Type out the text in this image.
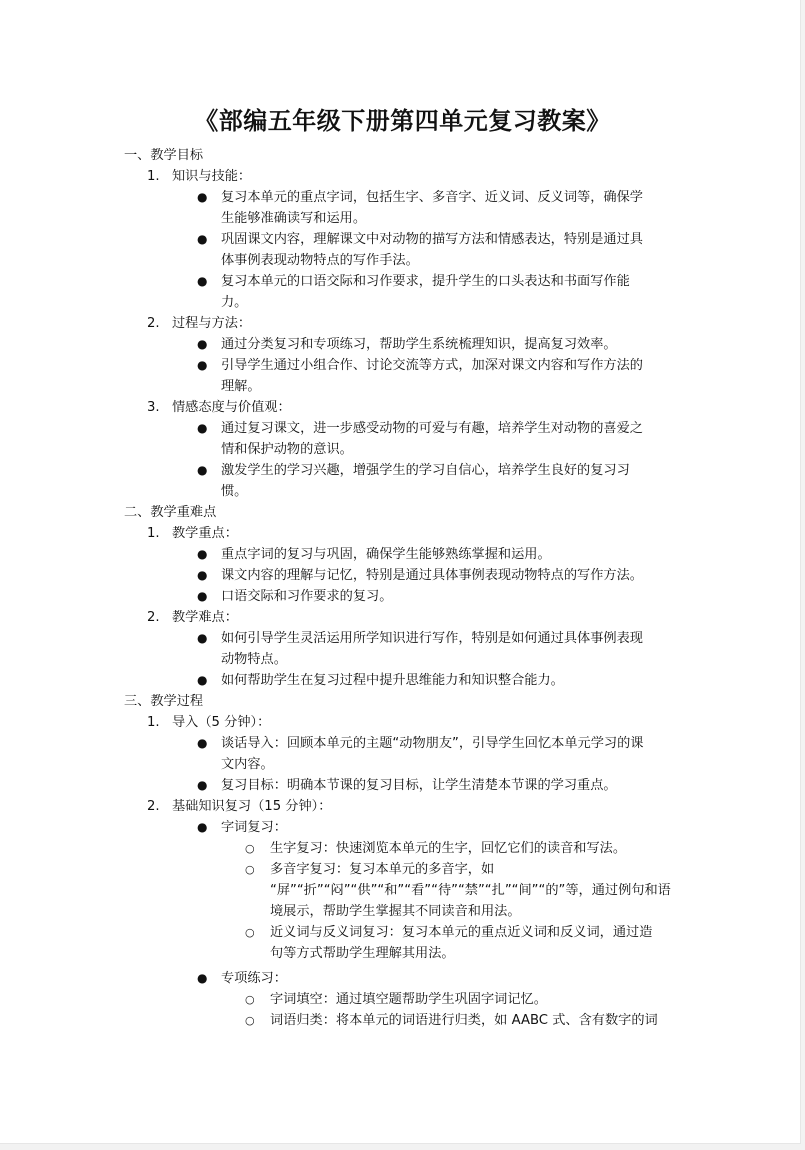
《部编五年级下册第四单元复习教案》
一、教学目标
1. 知识与技能：
复习本单元的重点字词，包括生字、多音字、近义词、反义词等，确保学
●
生能够准确读写和运用。
巩固课文内容，理解课文中对动物的描写方法和情感表达，特别是通过具
●
体事例表现动物特点的写作手法。
复习本单元的口语交际和习作要求，提升学生的口头表达和书面写作能
●
力。
2. 过程与方法：
通过分类复习和专项练习，帮助学生系统梳理知识，提高复习效率。
●
引导学生通过小组合作、讨论交流等方式，加深对课文内容和写作方法的
●
理解。
3. 情感态度与价值观：
通过复习课文，进一步感受动物的可爱与有趣，培养学生对动物的喜爱之
●
情和保护动物的意识。
激发学生的学习兴趣，增强学生的学习自信心，培养学生良好的复习习
●
惯。
二、教学重难点
1. 教学重点：
重点字词的复习与巩固，确保学生能够熟练掌握和运用。
●
课文内容的理解与记忆，特别是通过具体事例表现动物特点的写作方法。
●
口语交际和习作要求的复习。
●
2. 教学难点：
如何引导学生灵活运用所学知识进行写作，特别是如何通过具体事例表现
●
动物特点。
如何帮助学生在复习过程中提升思维能力和知识整合能力。
●
三、教学过程
1. 导入（5 分钟）：
谈话导入：回顾本单元的主题“动物朋友”，引导学生回忆本单元学习的课
●
文内容。
复习目标：明确本节课的复习目标，让学生清楚本节课的学习重点。
●
2. 基础知识复习（15 分钟）：
字词复习：
●
生字复习：快速浏览本单元的生字，回忆它们的读音和写法。
○
多音字复习：复习本单元的多音字，如
○
“屏”“折”“闷”“供”“和”“看”“待”“禁”“扎”“间”“的”等，通过例句和语
境展示，帮助学生掌握其不同读音和用法。
近义词与反义词复习：复习本单元的重点近义词和反义词，通过造
○
句等方式帮助学生理解其用法。
专项练习：
●
字词填空：通过填空题帮助学生巩固字词记忆。
○
词语归类：将本单元的词语进行归类，如 AABC 式、含有数字的词
○
